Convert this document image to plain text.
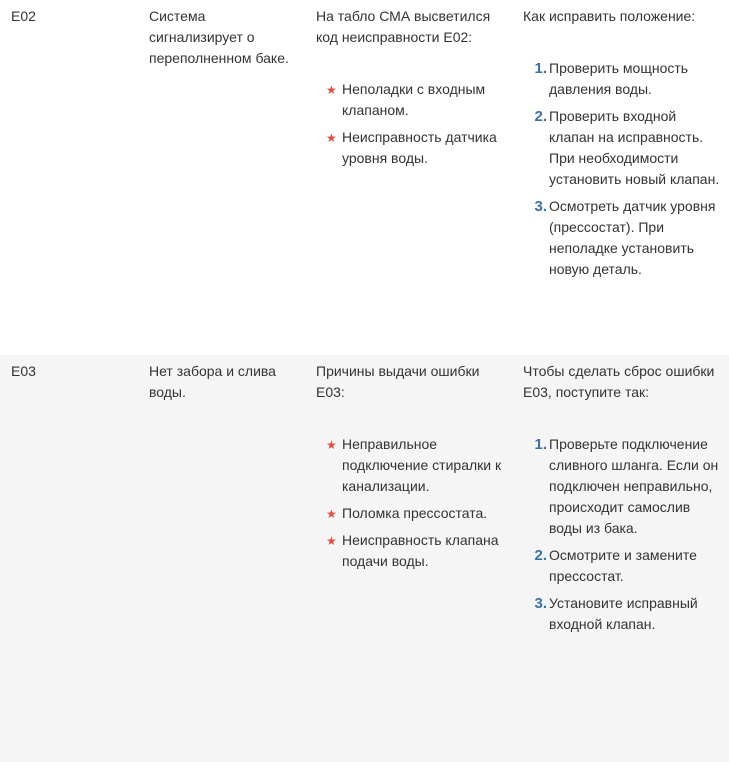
E02	Система сигнализирует о переполненном баке.

На табло СМА высветился код неисправности E02:

★ Неполадки с входным клапаном.
★ Неисправность датчика уровня воды.

Как исправить положение:

1. Проверить мощность давления воды.
2. Проверить входной клапан на исправность. При необходимости установить новый клапан.
3. Осмотреть датчик уровня (прессостат). При неполадке установить новую деталь.

E03	Нет забора и слива воды.

Причины выдачи ошибки E03:

★ Неправильное подключение стиралки к канализации.
★ Поломка прессостата.
★ Неисправность клапана подачи воды.

Чтобы сделать сброс ошибки E03, поступите так:

1. Проверьте подключение сливного шланга. Если он подключен неправильно, происходит самослив воды из бака.
2. Осмотрите и замените прессостат.
3. Установите исправный входной клапан.
